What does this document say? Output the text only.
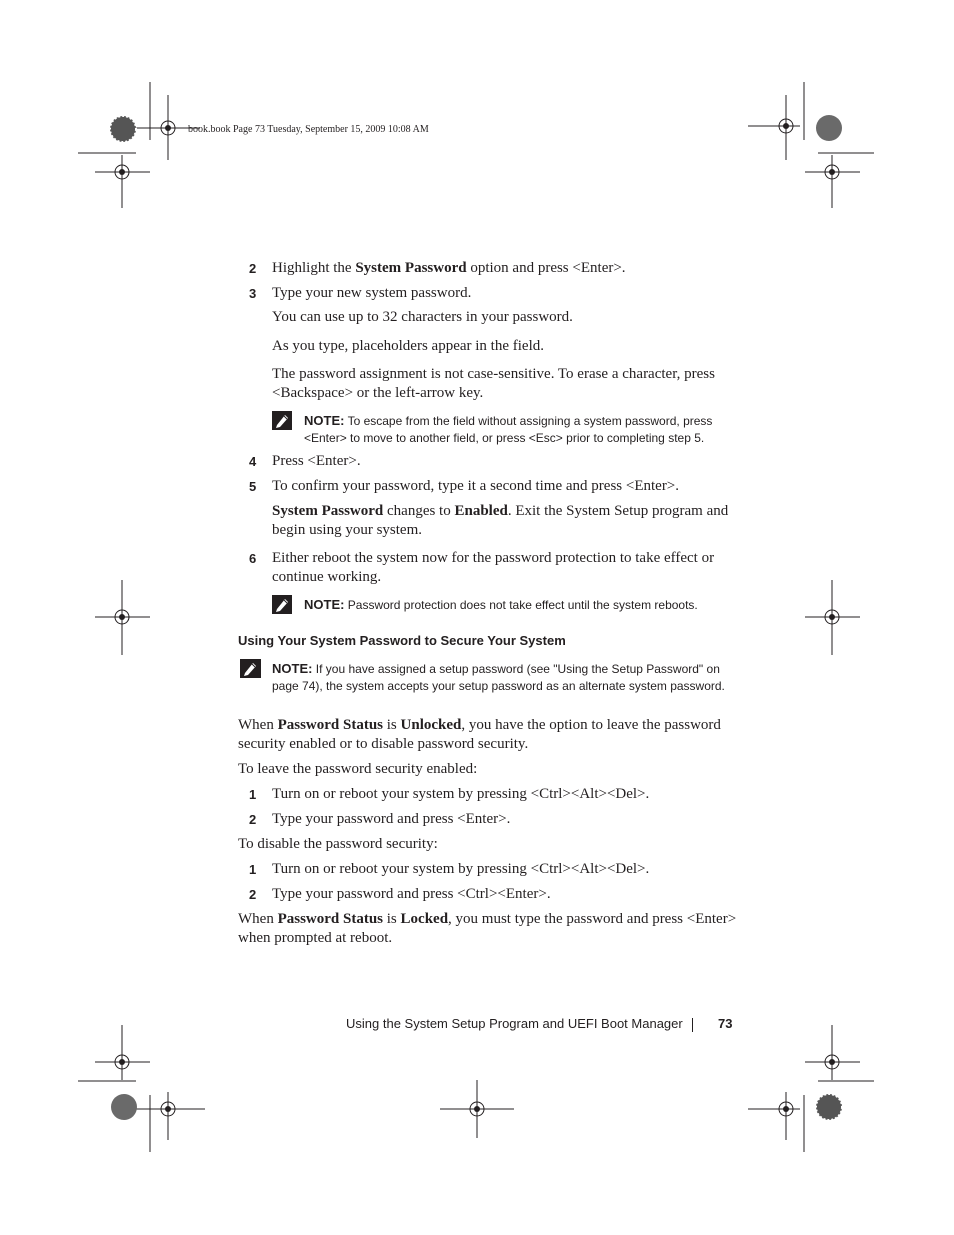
book.book Page 73 Tuesday, September 15, 2009 10:08 AM
2 Highlight the System Password option and press <Enter>.
3 Type your new system password.
You can use up to 32 characters in your password.
As you type, placeholders appear in the field.
The password assignment is not case-sensitive. To erase a character, press <Backspace> or the left-arrow key.
NOTE: To escape from the field without assigning a system password, press <Enter> to move to another field, or press <Esc> prior to completing step 5.
4 Press <Enter>.
5 To confirm your password, type it a second time and press <Enter>.
System Password changes to Enabled. Exit the System Setup program and begin using your system.
6 Either reboot the system now for the password protection to take effect or continue working.
NOTE: Password protection does not take effect until the system reboots.
Using Your System Password to Secure Your System
NOTE: If you have assigned a setup password (see "Using the Setup Password" on page 74), the system accepts your setup password as an alternate system password.
When Password Status is Unlocked, you have the option to leave the password security enabled or to disable password security.
To leave the password security enabled:
1 Turn on or reboot your system by pressing <Ctrl><Alt><Del>.
2 Type your password and press <Enter>.
To disable the password security:
1 Turn on or reboot your system by pressing <Ctrl><Alt><Del>.
2 Type your password and press <Ctrl><Enter>.
When Password Status is Locked, you must type the password and press <Enter> when prompted at reboot.
Using the System Setup Program and UEFI Boot Manager	73
